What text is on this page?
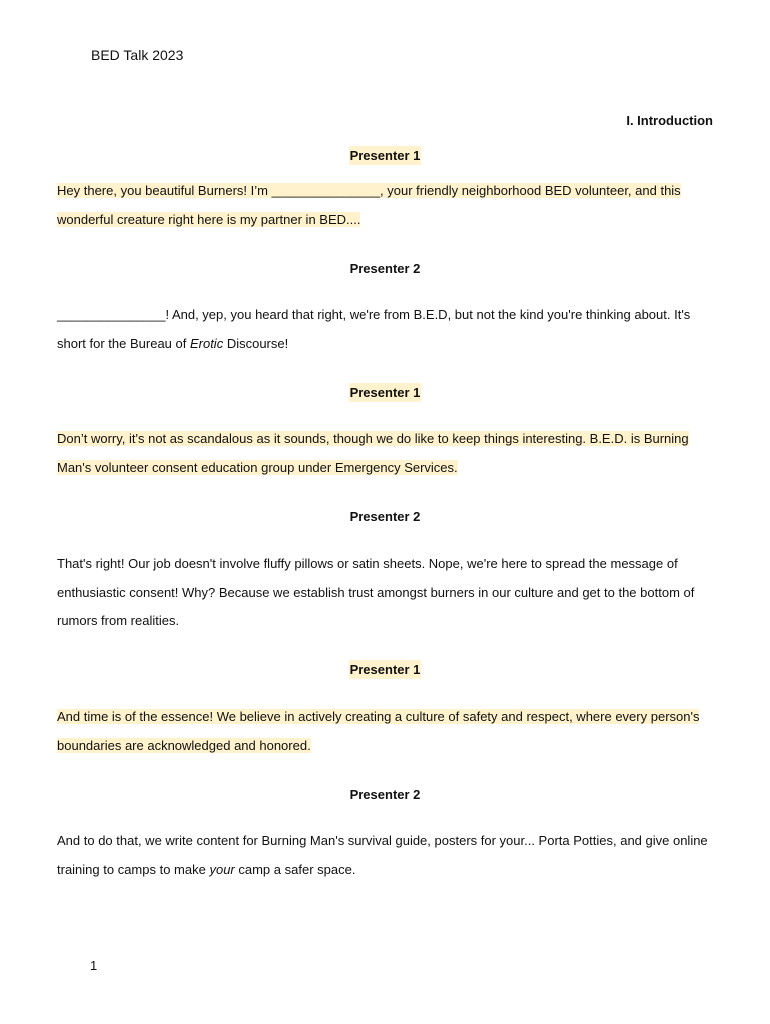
BED Talk 2023
I. Introduction
Presenter 1
Hey there, you beautiful Burners! I’m _______________, your friendly neighborhood BED volunteer, and this wonderful creature right here is my partner in BED....
Presenter 2
_______________! And, yep, you heard that right, we're from B.E.D, but not the kind you're thinking about. It's short for the Bureau of Erotic Discourse!
Presenter 1
Don’t worry, it's not as scandalous as it sounds, though we do like to keep things interesting. B.E.D. is Burning Man's volunteer consent education group under Emergency Services.
Presenter 2
That's right! Our job doesn't involve fluffy pillows or satin sheets. Nope, we're here to spread the message of enthusiastic consent! Why? Because we establish trust amongst burners in our culture and get to the bottom of rumors from realities.
Presenter 1
And time is of the essence! We believe in actively creating a culture of safety and respect, where every person's boundaries are acknowledged and honored.
Presenter 2
And to do that, we write content for Burning Man's survival guide, posters for your... Porta Potties, and give online training to camps to make your camp a safer space.
1
